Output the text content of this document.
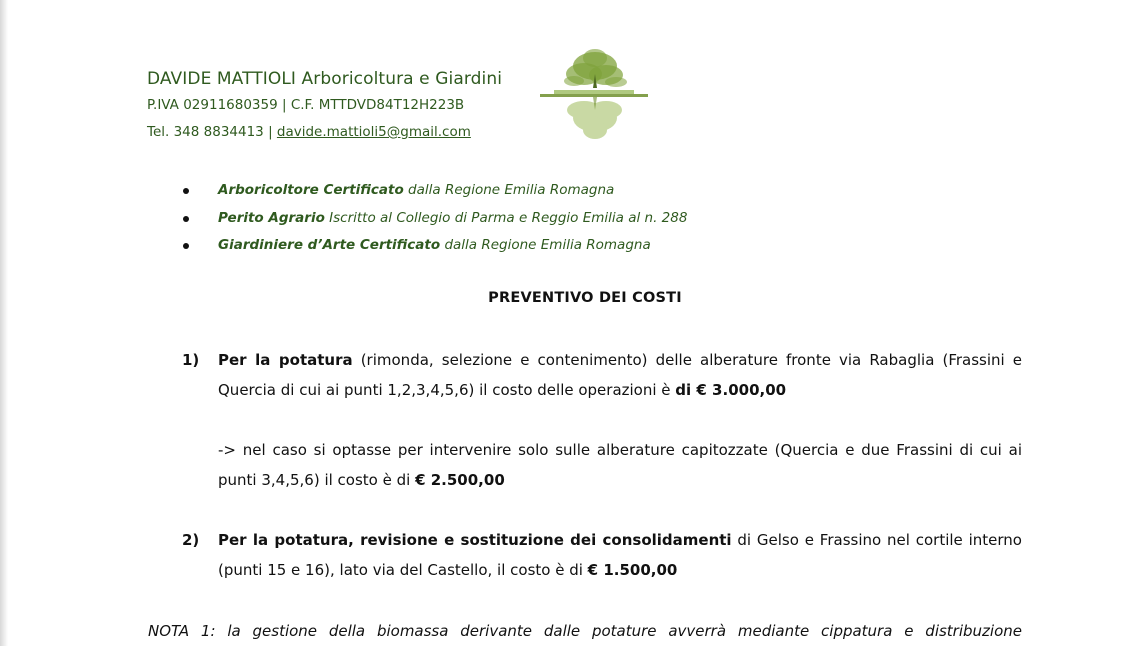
DAVIDE MATTIOLI Arboricoltura e Giardini
P.IVA 02911680359 | C.F. MTTDVD84T12H223B
Tel. 348 8834413 | davide.mattioli5@gmail.com
Arboricoltore Certificato dalla Regione Emilia Romagna
Perito Agrario Iscritto al Collegio di Parma e Reggio Emilia al n. 288
Giardiniere d’Arte Certificato dalla Regione Emilia Romagna
PREVENTIVO DEI COSTI
1) Per la potatura (rimonda, selezione e contenimento) delle alberature fronte via Rabaglia (Frassini e Quercia di cui ai punti 1,2,3,4,5,6) il costo delle operazioni è di € 3.000,00
-> nel caso si optasse per intervenire solo sulle alberature capitozzate (Quercia e due Frassini di cui ai punti 3,4,5,6) il costo è di € 2.500,00
2) Per la potatura, revisione e sostituzione dei consolidamenti di Gelso e Frassino nel cortile interno (punti 15 e 16), lato via del Castello, il costo è di € 1.500,00
NOTA 1: la gestione della biomassa derivante dalle potature avverrà mediante cippatura e distribuzione
